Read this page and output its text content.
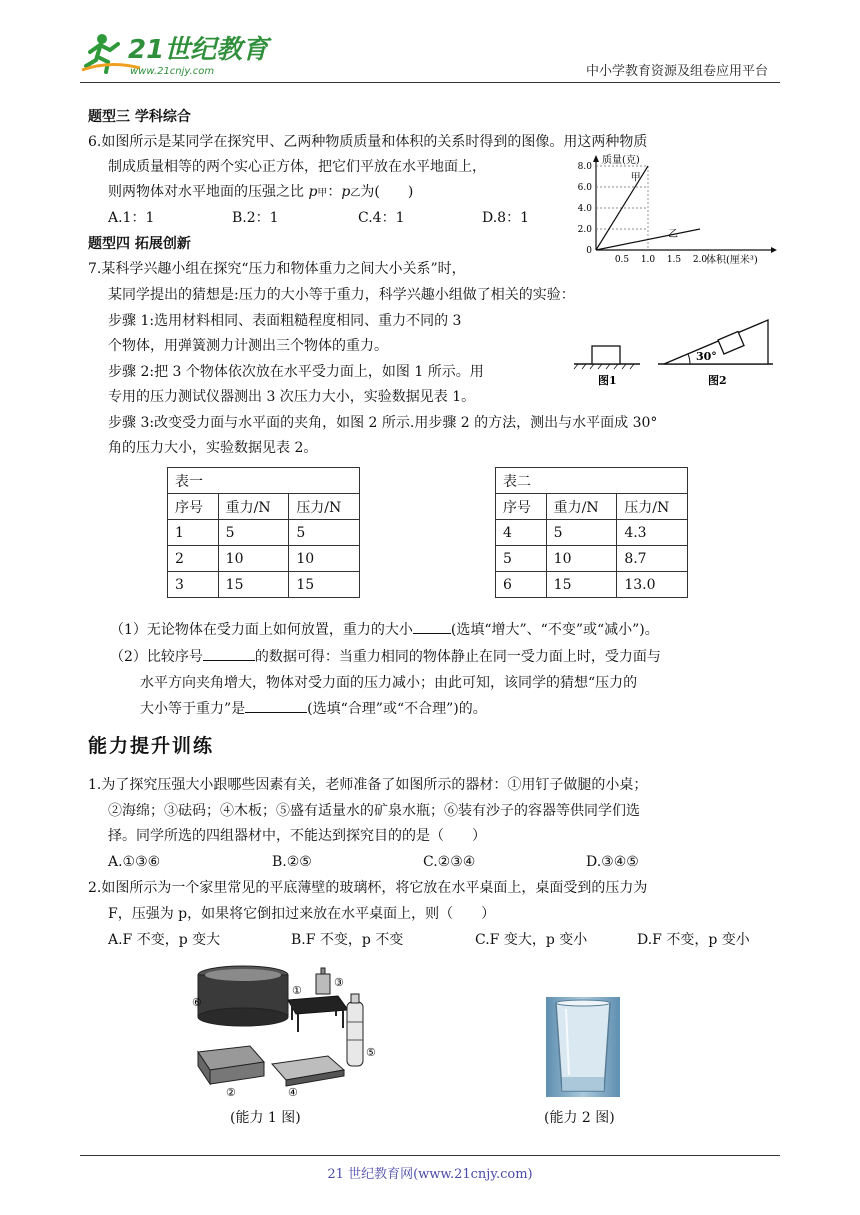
21世纪教育
www.21cnjy.com	中小学教育资源及组卷应用平台
题型三 学科综合
6.如图所示是某同学在探究甲、乙两种物质质量和体积的关系时得到的图像。用这两种物质
制成质量相等的两个实心正方体，把它们平放在水平地面上，
则两物体对水平地面的压强之比 p甲：p乙为(　　)
A.1：1	B.2：1	C.4：1	D.8：1
质量(克)
体积(厘米³)
0
2.0
4.0
6.0
8.0
0.5 1.0 1.5 2.0
甲
乙
题型四 拓展创新
7.某科学兴趣小组在探究“压力和物体重力之间大小关系”时，
某同学提出的猜想是:压力的大小等于重力，科学兴趣小组做了相关的实验：
步骤 1:选用材料相同、表面粗糙程度相同、重力不同的 3
个物体，用弹簧测力计测出三个物体的重力。
步骤 2:把 3 个物体依次放在水平受力面上，如图 1 所示。用
专用的压力测试仪器测出 3 次压力大小，实验数据见表 1。
步骤 3:改变受力面与水平面的夹角，如图 2 所示.用步骤 2 的方法，测出与水平面成 30°
角的压力大小，实验数据见表 2。
图1
30°
图2
表一		
序号	重力/N	压力/N
1	5	5
2	10	10
3	15	15
表二		
序号	重力/N	压力/N
4	5	4.3
5	10	8.7
6	15	13.0
（1）无论物体在受力面上如何放置，重力的大小	(选填“增大”、“不变”或“减小”)。
（2）比较序号	的数据可得：当重力相同的物体静止在同一受力面上时，受力面与
水平方向夹角增大，物体对受力面的压力减小；由此可知，该同学的猜想“压力的
大小等于重力”是	(选填“合理”或“不合理”)的。
能力提升训练
1.为了探究压强大小跟哪些因素有关，老师准备了如图所示的器材：①用钉子做腿的小桌；
②海绵；③砝码；④木板；⑤盛有适量水的矿泉水瓶；⑥装有沙子的容器等供同学们选
择。同学所选的四组器材中，不能达到探究目的的是（　　）
A.①③⑥	B.②⑤	C.②③④	D.③④⑤
2.如图所示为一个家里常见的平底薄壁的玻璃杯，将它放在水平桌面上，桌面受到的压力为
F，压强为 p，如果将它倒扣过来放在水平桌面上，则（　　）
A.F 不变，p 变大	B.F 不变，p 不变	C.F 变大，p 变小	D.F 不变，p 变小
⑥
①
③
⑤
②	④
(能力 1 图)	(能力 2 图)
21 世纪教育网(www.21cnjy.com)
